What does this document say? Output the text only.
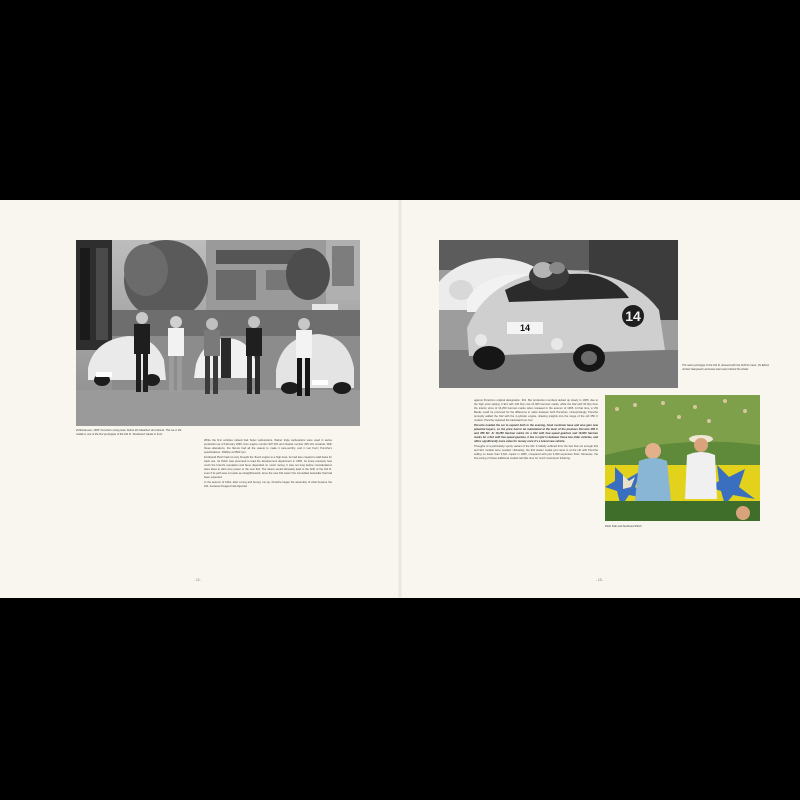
Zuffenhausen, 1965: Porsche's racing team before the Marathon de la Route. The car in the middle is one of the first prototypes of the 911 R. 'Ferdinand' stands in front.

While the first vehicles indeed had Solex carburettors, Weber triple carburettors were used in series production as of February 1966, from engine number 907 001 and chassis number 305 101 onwards. With these alterations, the flat-six had all the assets to make it race-worthy, and it met Ferry Porsche's specifications: 160bhp at 6500 rpm.

Ferdinand Piëch had not only brought the 'fixed' engine to a high level, he had also created a solid basis for track use. As Piëch was promoted to lead the development department in 1965, he knew precisely how much the brand's reputation and fame depended on motor racing. It was not long before considerations were afoot to add more power to the new 911. The desire would ultimately lead to the birth of the 911 R, even if its path was not quite as straightforward, since the new 911 wasn't the immediate bestseller that had been expected.

In the autumn of 1964, after a long and bumpy run-up, Porsche began the assembly of what became the 911, because Peugeot had objected

- 12 -
14
14
The same prototype of the 911 R, dressed with the 1100 km lane. Vic Elford, Jochen Neerpasch and Hans Herrmann behind the wheel.

against Porsche's original designation, 901. But production numbers lacked up slowly in 1965, due to the high price setting. A 911 with 130 bhp cost 21,900 German marks, while the 912 with 90 bhp from the interim price of 16,250 German marks when released in the autumn of 1965. At that time, a VW Beetle could be procured for the difference in value between both Porsches. Unsurprisingly, Porsche promptly added the 912 with the 4-cylinder engine, drawing insights into the range of the old 356 C models. Porsche replaced the backward turn-four.

Porsche needed the car to expand both in the evening, hook customer base and also gain new potential buyers, so the price had to be maintained at the level of the previous Porsche 356 C and 356 SC. At 16,250 German marks for a 912 with four-speed gearbox and 16,800 German marks for a 912 with five-speed gearbox, it lies in right in between those two older vehicles, and offers significantly more value for money once it's a brand new vehicle.

Thoughts of a particularly sporty variant of the 911 S initially suffered from the fact that not enough 911 and 912 models were needed. Ultimately, the 911 starter model just came in at the UK with Porsche selling no fewer than 6,621 copies in 1965, compared with just 3,390 expensive 911s. Moreover, the fine-tuning of these additional models left little time for much motorsport tinkering.

Peter Falk and Ferdinand Piëch
- 13 -
